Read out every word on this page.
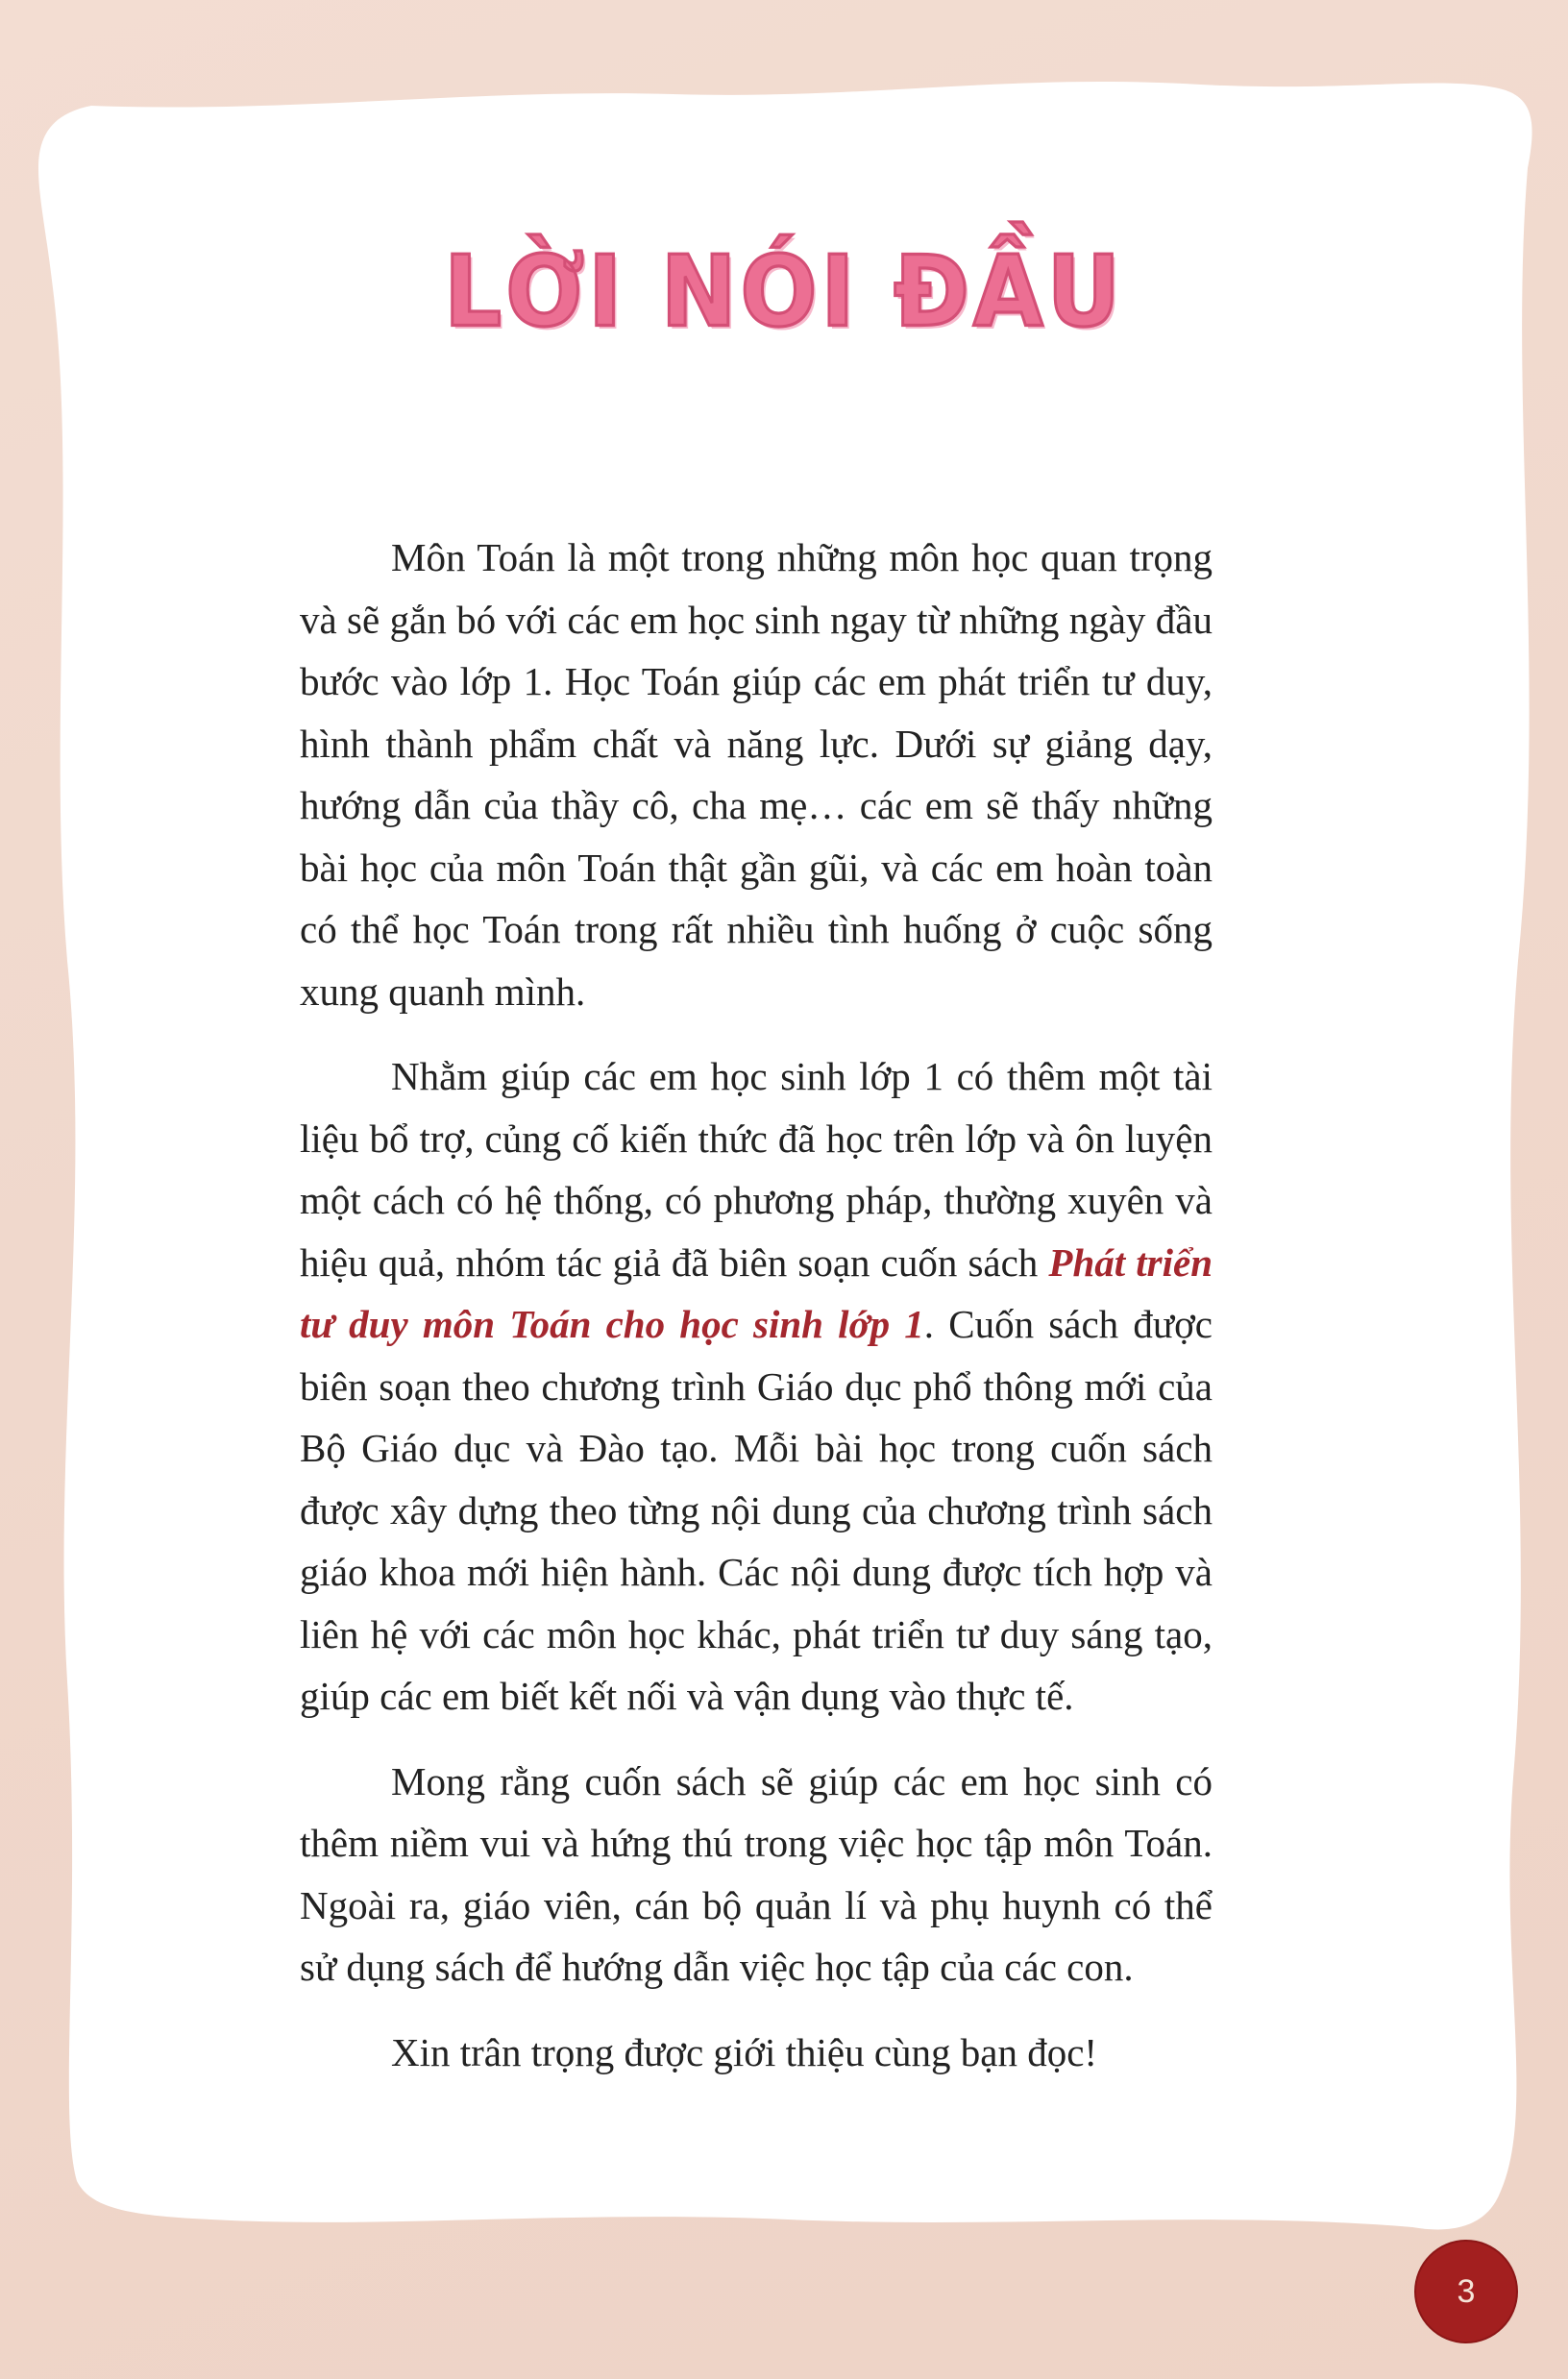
LỜI NÓI ĐẦU

Môn Toán là một trong những môn học quan trọng và sẽ gắn bó với các em học sinh ngay từ những ngày đầu bước vào lớp 1. Học Toán giúp các em phát triển tư duy, hình thành phẩm chất và năng lực. Dưới sự giảng dạy, hướng dẫn của thầy cô, cha mẹ… các em sẽ thấy những bài học của môn Toán thật gần gũi, và các em hoàn toàn có thể học Toán trong rất nhiều tình huống ở cuộc sống xung quanh mình.

Nhằm giúp các em học sinh lớp 1 có thêm một tài liệu bổ trợ, củng cố kiến thức đã học trên lớp và ôn luyện một cách có hệ thống, có phương pháp, thường xuyên và hiệu quả, nhóm tác giả đã biên soạn cuốn sách Phát triển tư duy môn Toán cho học sinh lớp 1. Cuốn sách được biên soạn theo chương trình Giáo dục phổ thông mới của Bộ Giáo dục và Đào tạo. Mỗi bài học trong cuốn sách được xây dựng theo từng nội dung của chương trình sách giáo khoa mới hiện hành. Các nội dung được tích hợp và liên hệ với các môn học khác, phát triển tư duy sáng tạo, giúp các em biết kết nối và vận dụng vào thực tế.

Mong rằng cuốn sách sẽ giúp các em học sinh có thêm niềm vui và hứng thú trong việc học tập môn Toán. Ngoài ra, giáo viên, cán bộ quản lí và phụ huynh có thể sử dụng sách để hướng dẫn việc học tập của các con.

Xin trân trọng được giới thiệu cùng bạn đọc!

3
